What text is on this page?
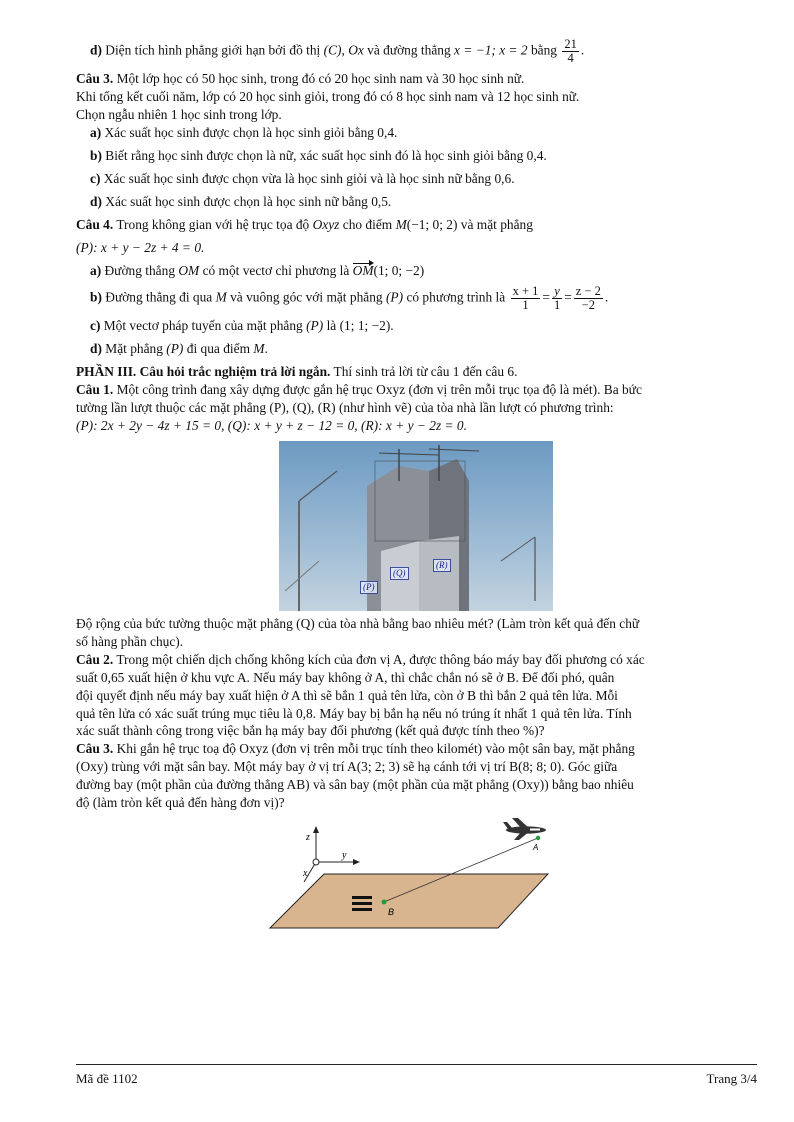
d) Diện tích hình phẳng giới hạn bởi đồ thị (C), Ox và đường thẳng x = −1; x = 2 bằng $\frac{21}{4}$ .

Câu 3. Một lớp học có 50 học sinh, trong đó có 20 học sinh nam và 30 học sinh nữ.

Khi tổng kết cuối năm, lớp có 20 học sinh giỏi, trong đó có 8 học sinh nam và 12 học sinh nữ.

Chọn ngẫu nhiên 1 học sinh trong lớp.

a) Xác suất học sinh được chọn là học sinh giỏi bằng 0,4.

b) Biết rằng học sinh được chọn là nữ, xác suất học sinh đó là học sinh giỏi bằng 0,4.

c) Xác suất học sinh được chọn vừa là học sinh giỏi và là học sinh nữ bằng 0,6.

d) Xác suất học sinh được chọn là học sinh nữ bằng 0,5.

Câu 4. Trong không gian với hệ trục tọa độ Oxyz cho điểm M(−1; 0; 2) và mặt phẳng

(P): x + y − 2z + 4 = 0.

a) Đường thẳng OM có một vectơ chỉ phương là OM(1; 0; −2)

b) Đường thẳng đi qua M và vuông góc với mặt phẳng (P) có phương trình là $\frac{x + 1}{1} = \frac{y}{1} = \frac{z - 2}{-2}$ .

c) Một vectơ pháp tuyến của mặt phẳng (P) là (1; 1; −2).

d) Mặt phẳng (P) đi qua điểm M.

PHẦN III. Câu hỏi trắc nghiệm trả lời ngắn. Thí sinh trả lời từ câu 1 đến câu 6.

Câu 1. Một công trình đang xây dựng được gắn hệ trục Oxyz (đơn vị trên mỗi trục tọa độ là mét). Ba bức

tường lần lượt thuộc các mặt phẳng (P), (Q), (R) (như hình vẽ) của tòa nhà lần lượt có phương trình:

(P): 2x + 2y − 4z + 15 = 0, (Q): x + y + z − 12 = 0, (R): x + y − 2z = 0.

(P)
(Q)
(R)

Độ rộng của bức tường thuộc mặt phẳng (Q) của tòa nhà bằng bao nhiêu mét? (Làm tròn kết quả đến chữ

số hàng phần chục).

Câu 2. Trong một chiến dịch chống không kích của đơn vị A, được thông báo máy bay đối phương có xác

suất 0,65 xuất hiện ở khu vực A. Nếu máy bay không ở A, thì chắc chắn nó sẽ ở B. Để đối phó, quân

đội quyết định nếu máy bay xuất hiện ở A thì sẽ bắn 1 quả tên lửa, còn ở B thì bắn 2 quả tên lửa. Mỗi

quả tên lửa có xác suất trúng mục tiêu là 0,8. Máy bay bị bắn hạ nếu nó trúng ít nhất 1 quả tên lửa. Tính

xác suất thành công trong việc bắn hạ máy bay đối phương (kết quả được tính theo %)?

Câu 3. Khi gắn hệ trục toạ độ Oxyz (đơn vị trên mỗi trục tính theo kilomét) vào một sân bay, mặt phẳng

(Oxy) trùng với mặt sân bay. Một máy bay ở vị trí A(3; 2; 3) sẽ hạ cánh tới vị trí B(8; 8; 0). Góc giữa

đường bay (một phần của đường thẳng AB) và sân bay (một phần của mặt phẳng (Oxy)) bằng bao nhiêu

độ (làm tròn kết quả đến hàng đơn vị)?

z
y
x
B
A
Mã đề 1102	Trang 3/4
